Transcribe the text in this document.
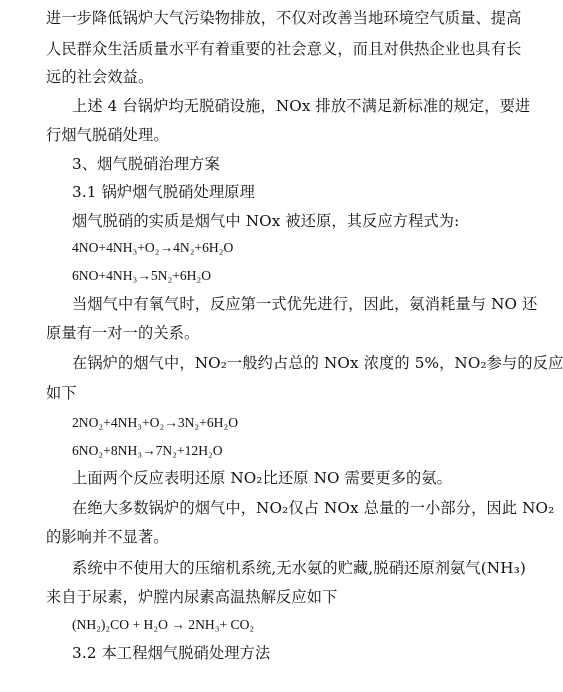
进一步降低锅炉大气污染物排放，不仅对改善当地环境空气质量、提高
人民群众生活质量水平有着重要的社会意义，而且对供热企业也具有长
远的社会效益。
上述 4 台锅炉均无脱硝设施，NOx 排放不满足新标准的规定，要进
行烟气脱硝处理。
3、烟气脱硝治理方案
3.1 锅炉烟气脱硝处理原理
烟气脱硝的实质是烟气中 NOx 被还原，其反应方程式为:
4NO+4NH₃+O₂→4N₂+6H₂O
6NO+4NH₃→5N₂+6H₂O
当烟气中有氧气时，反应第一式优先进行，因此，氨消耗量与 NO 还
原量有一对一的关系。
在锅炉的烟气中，NO₂一般约占总的 NOx 浓度的 5%，NO₂参与的反应
如下
2NO₂+4NH₃+O₂→3N₂+6H₂O
6NO₂+8NH₃→7N₂+12H₂O
上面两个反应表明还原 NO₂比还原 NO 需要更多的氨。
在绝大多数锅炉的烟气中，NO₂仅占 NOx 总量的一小部分，因此 NO₂
的影响并不显著。
系统中不使用大的压缩机系统,无水氨的贮藏,脱硝还原剂氨气(NH₃)
来自于尿素，炉膛内尿素高温热解反应如下
(NH₂)₂CO + H₂O → 2NH₃+ CO₂
3.2 本工程烟气脱硝处理方法
